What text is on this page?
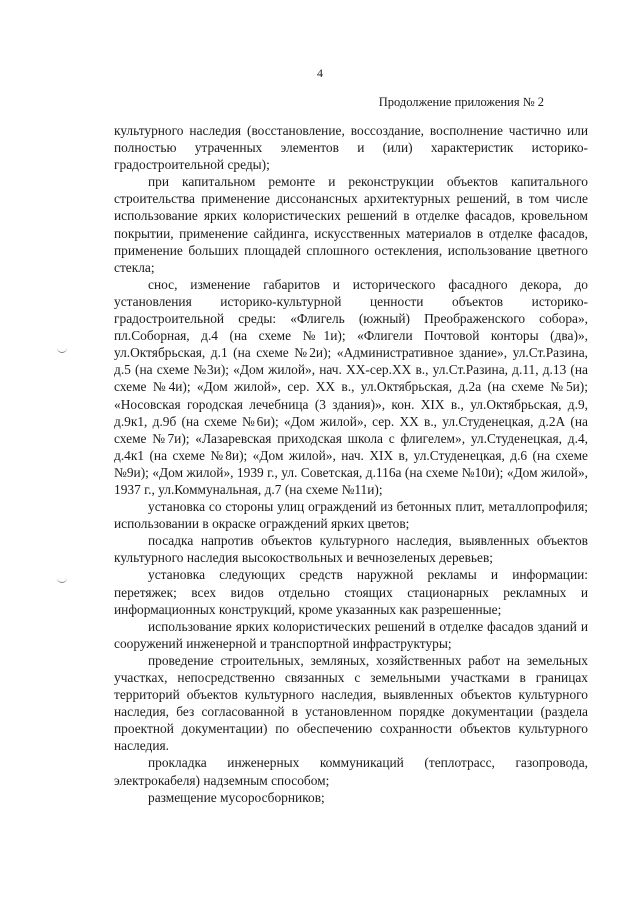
4
Продолжение приложения № 2

культурного наследия (восстановление, воссоздание, восполнение частично или полностью утраченных элементов и (или) характеристик историко-градостроительной среды);

при капитальном ремонте и реконструкции объектов капитального строительства применение диссонансных архитектурных решений, в том числе использование ярких колористических решений в отделке фасадов, кровельном покрытии, применение сайдинга, искусственных материалов в отделке фасадов, применение больших площадей сплошного остекления, использование цветного стекла;

снос, изменение габаритов и исторического фасадного декора, до установления историко-культурной ценности объектов историко-градостроительной среды: «Флигель (южный) Преображенского собора», пл.Соборная, д.4 (на схеме №1и); «Флигели Почтовой конторы (два)», ул.Октябрьская, д.1 (на схеме №2и); «Административное здание», ул.Ст.Разина, д.5 (на схеме №3и); «Дом жилой», нач. ХХ-сер.ХХ в., ул.Ст.Разина, д.11, д.13 (на схеме №4и); «Дом жилой», сер. ХХ в., ул.Октябрьская, д.2а (на схеме №5и); «Носовская городская лечебница (3 здания)», кон. XIX в., ул.Октябрьская, д.9, д.9к1, д.9б (на схеме №6и); «Дом жилой», сер. ХХ в., ул.Студенецкая, д.2А (на схеме №7и); «Лазаревская приходская школа с флигелем», ул.Студенецкая, д.4, д.4к1 (на схеме №8и); «Дом жилой», нач. XIX в, ул.Студенецкая, д.6 (на схеме №9и); «Дом жилой», 1939 г., ул. Советская, д.116а (на схеме №10и); «Дом жилой», 1937 г., ул.Коммунальная, д.7 (на схеме №11и);

установка со стороны улиц ограждений из бетонных плит, металлопрофиля; использовании в окраске ограждений ярких цветов;

посадка напротив объектов культурного наследия, выявленных объектов культурного наследия высокоствольных и вечнозеленых деревьев;

установка следующих средств наружной рекламы и информации: перетяжек; всех видов отдельно стоящих стационарных рекламных и информационных конструкций, кроме указанных как разрешенные;

использование ярких колористических решений в отделке фасадов зданий и сооружений инженерной и транспортной инфраструктуры;

проведение строительных, земляных, хозяйственных работ на земельных участках, непосредственно связанных с земельными участками в границах территорий объектов культурного наследия, выявленных объектов культурного наследия, без согласованной в установленном порядке документации (раздела проектной документации) по обеспечению сохранности объектов культурного наследия.

прокладка инженерных коммуникаций (теплотрасс, газопровода, электрокабеля) надземным способом;

размещение мусоросборников;
